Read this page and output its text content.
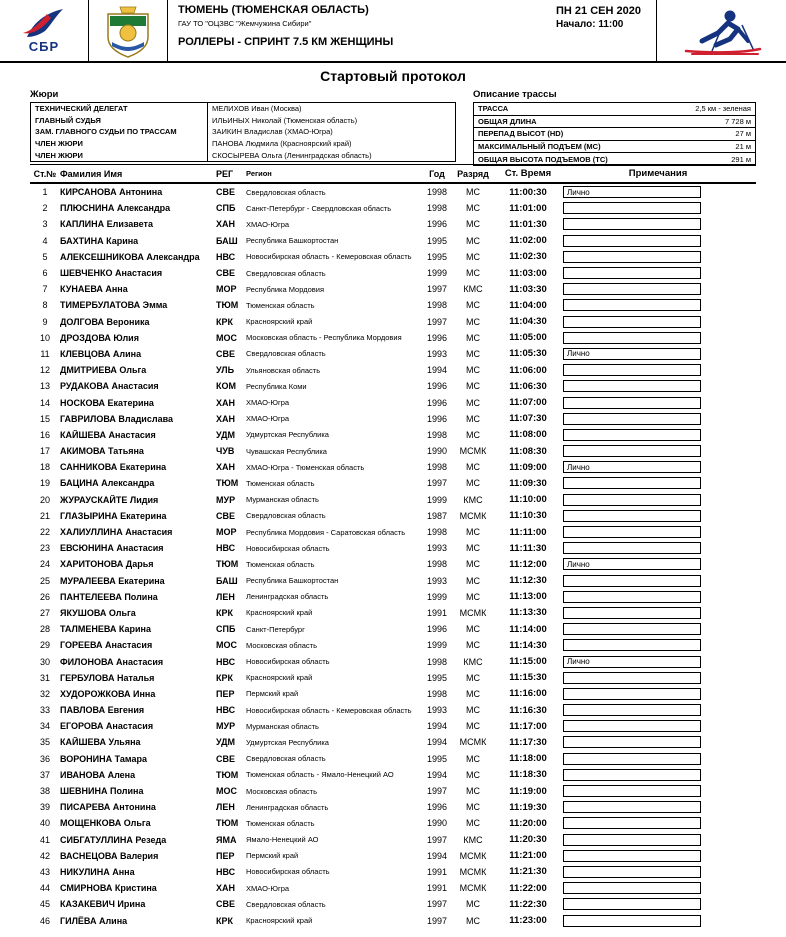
СБР
ТЮМЕНЬ (ТЮМЕНСКАЯ ОБЛАСТЬ)
ГАУ ТО "ОЦЗВС "Жемчужина Сибири"
РОЛЛЕРЫ - СПРИНТ 7.5 КМ ЖЕНЩИНЫ
ПН 21 СЕН 2020
Начало: 11:00
Стартовый протокол
Жюри
ТЕХНИЧЕСКИЙ ДЕЛЕГАТ	МЕЛИХОВ Иван (Москва)
ГЛАВНЫЙ СУДЬЯ	ИЛЬИНЫХ Николай (Тюменская область)
ЗАМ. ГЛАВНОГО СУДЬИ ПО ТРАССАМ	ЗАИКИН Владислав (ХМАО-Югра)
ЧЛЕН ЖЮРИ	ПАНОВА Людмила (Красноярский край)
ЧЛЕН ЖЮРИ	СКОСЫРЕВА Ольга (Ленинградская область)
Описание трассы
ТРАССА	2,5 км - зеленая
ОБЩАЯ ДЛИНА	7 728 м
ПЕРЕПАД ВЫСОТ (HD)	27 м
МАКСИМАЛЬНЫЙ ПОДЪЕМ (МС)	21 м
ОБЩАЯ ВЫСОТА ПОДЪЕМОВ (ТС)	291 м
Ст.№ Фамилия Имя	РЕГ	Регион	Год	Разряд	Ст. Время	Примечания
1	КИРСАНОВА Антонина	СВЕ	Свердловская область	1998	МС	11:00:30	Лично
2	ПЛЮСНИНА Александра	СПБ	Санкт-Петербург - Свердловская область	1998	МС	11:01:00
3	КАПЛИНА Елизавета	ХАН	ХМАО-Югра	1996	МС	11:01:30
4	БАХТИНА Карина	БАШ	Республика Башкортостан	1995	МС	11:02:00
5	АЛЕКСЕШНИКОВА Александра	НВС	Новосибирская область - Кемеровская область	1995	МС	11:02:30
6	ШЕВЧЕНКО Анастасия	СВЕ	Свердловская область	1999	МС	11:03:00
7	КУНАЕВА Анна	МОР	Республика Мордовия	1997	КМС	11:03:30
8	ТИМЕРБУЛАТОВА Эмма	ТЮМ	Тюменская область	1998	МС	11:04:00
9	ДОЛГОВА Вероника	КРК	Красноярский край	1997	МС	11:04:30
10	ДРОЗДОВА Юлия	МОС	Московская область - Республика Мордовия	1996	МС	11:05:00
11	КЛЕВЦОВА Алина	СВЕ	Свердловская область	1993	МС	11:05:30	Лично
12	ДМИТРИЕВА Ольга	УЛЬ	Ульяновская область	1994	МС	11:06:00
13	РУДАКОВА Анастасия	КОМ	Республика Коми	1996	МС	11:06:30
14	НОСКОВА Екатерина	ХАН	ХМАО-Югра	1996	МС	11:07:00
15	ГАВРИЛОВА Владислава	ХАН	ХМАО-Югра	1996	МС	11:07:30
16	КАЙШЕВА Анастасия	УДМ	Удмуртская Республика	1998	МС	11:08:00
17	АКИМОВА Татьяна	ЧУВ	Чувашская Республика	1990	МСМК	11:08:30
18	САННИКОВА Екатерина	ХАН	ХМАО-Югра - Тюменская область	1998	МС	11:09:00	Лично
19	БАЦИНА Александра	ТЮМ	Тюменская область	1997	МС	11:09:30
20	ЖУРАУСКАЙТЕ Лидия	МУР	Мурманская область	1999	КМС	11:10:00
21	ГЛАЗЫРИНА Екатерина	СВЕ	Свердловская область	1987	МСМК	11:10:30
22	ХАЛИУЛЛИНА Анастасия	МОР	Республика Мордовия - Саратовская область	1998	МС	11:11:00
23	ЕВСЮНИНА Анастасия	НВС	Новосибирская область	1993	МС	11:11:30
24	ХАРИТОНОВА Дарья	ТЮМ	Тюменская область	1998	МС	11:12:00	Лично
25	МУРАЛЕЕВА Екатерина	БАШ	Республика Башкортостан	1993	МС	11:12:30
26	ПАНТЕЛЕЕВА Полина	ЛЕН	Ленинградская область	1999	МС	11:13:00
27	ЯКУШОВА Ольга	КРК	Красноярский край	1991	МСМК	11:13:30
28	ТАЛМЕНЕВА Карина	СПБ	Санкт-Петербург	1996	МС	11:14:00
29	ГОРЕЕВА Анастасия	МОС	Московская область	1999	МС	11:14:30
30	ФИЛОНОВА Анастасия	НВС	Новосибирская область	1998	КМС	11:15:00	Лично
31	ГЕРБУЛОВА Наталья	КРК	Красноярский край	1995	МС	11:15:30
32	ХУДОРОЖКОВА Инна	ПЕР	Пермский край	1998	МС	11:16:00
33	ПАВЛОВА Евгения	НВС	Новосибирская область - Кемеровская область	1993	МС	11:16:30
34	ЕГОРОВА Анастасия	МУР	Мурманская область	1994	МС	11:17:00
35	КАЙШЕВА Ульяна	УДМ	Удмуртская Республика	1994	МСМК	11:17:30
36	ВОРОНИНА Тамара	СВЕ	Свердловская область	1995	МС	11:18:00
37	ИВАНОВА Алена	ТЮМ	Тюменская область - Ямало-Ненецкий АО	1994	МС	11:18:30
38	ШЕВНИНА Полина	МОС	Московская область	1997	МС	11:19:00
39	ПИСАРЕВА Антонина	ЛЕН	Ленинградская область	1996	МС	11:19:30
40	МОЩЕНКОВА Ольга	ТЮМ	Тюменская область	1990	МС	11:20:00
41	СИБГАТУЛЛИНА Резеда	ЯМА	Ямало-Ненецкий АО	1997	КМС	11:20:30
42	ВАСНЕЦОВА Валерия	ПЕР	Пермский край	1994	МСМК	11:21:00
43	НИКУЛИНА Анна	НВС	Новосибирская область	1991	МСМК	11:21:30
44	СМИРНОВА Кристина	ХАН	ХМАО-Югра	1991	МСМК	11:22:00
45	КАЗАКЕВИЧ Ирина	СВЕ	Свердловская область	1997	МС	11:22:30
46	ГИЛЁВА Алина	КРК	Красноярский край	1997	МС	11:23:00
